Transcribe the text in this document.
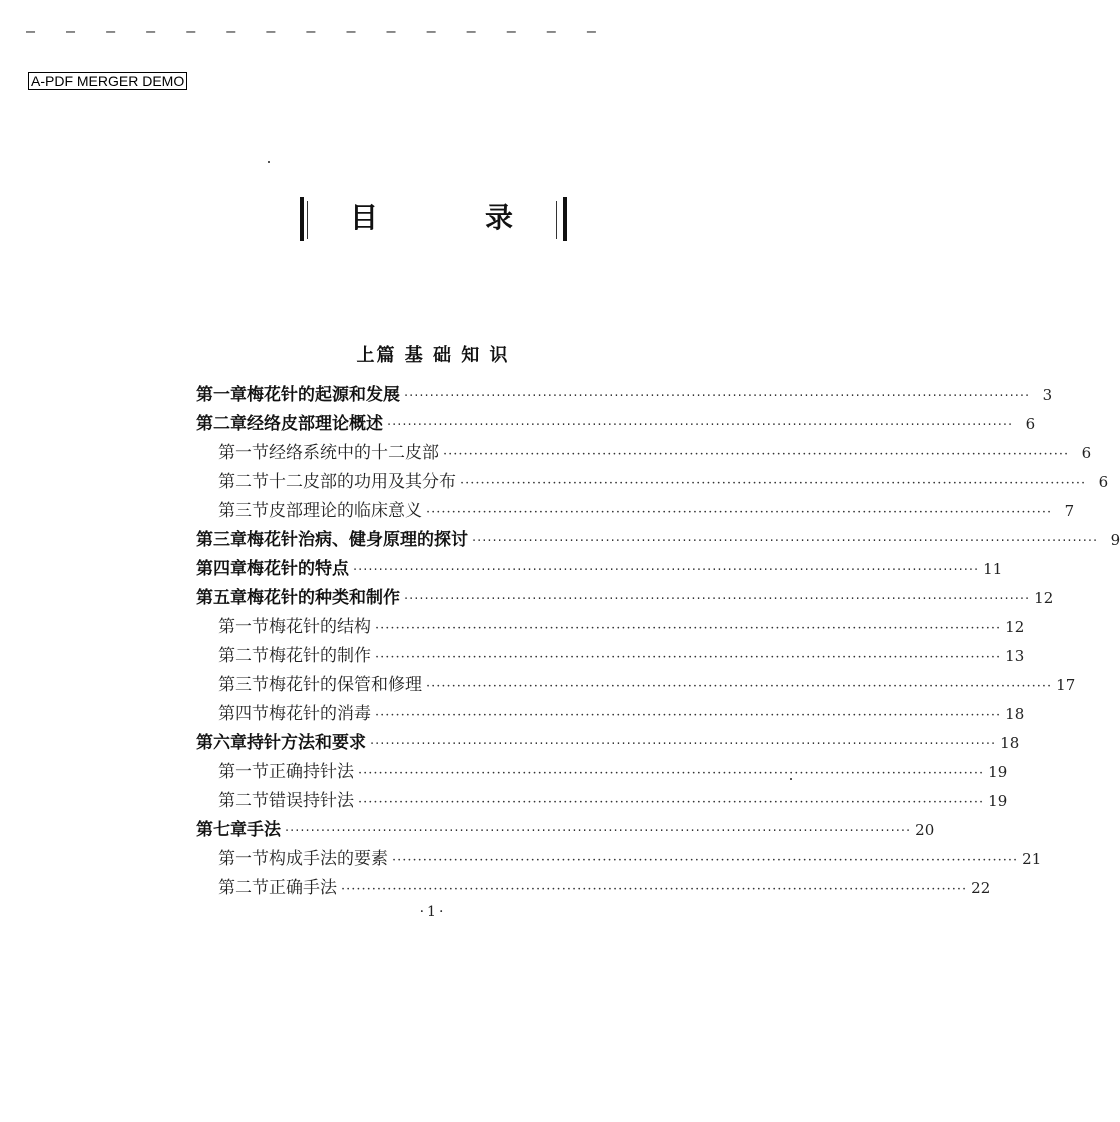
— — — — — — — — — — — — — — —
A-PDF MERGER DEMO
目	录
上篇 基 础 知 识
第一章 梅花针的起源和发展 ·····	3
第二章 经络皮部理论概述 ·····	6
第一节 经络系统中的十二皮部 ·····	6
第二节 十二皮部的功用及其分布 ·····	6
第三节 皮部理论的临床意义 ·····	7
第三章 梅花针治病、健身原理的探讨 ·····	9
第四章 梅花针的特点 ·····	11
第五章 梅花针的种类和制作 ·····	12
第一节 梅花针的结构 ·····	12
第二节 梅花针的制作 ·····	13
第三节 梅花针的保管和修理 ·····	17
第四节 梅花针的消毒 ·····	18
第六章 持针方法和要求 ·····	18
第一节 正确持针法 ·····	19
第二节 错误持针法 ·····	19
第七章 手法 ·····	20
第一节 构成手法的要素 ·····	21
第二节 正确手法 ·····	22
·1·
